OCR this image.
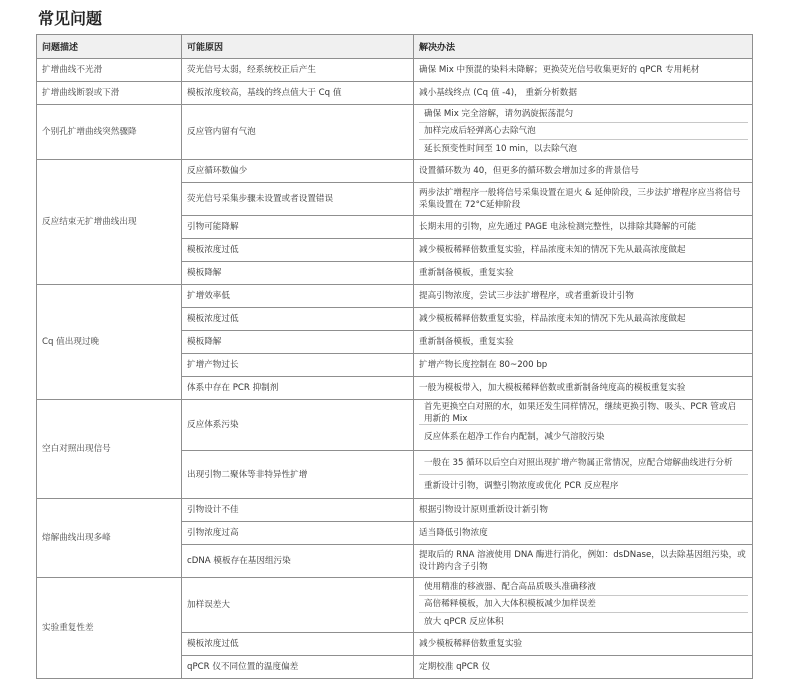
常见问题
问题描述	可能原因	解决办法
扩增曲线不光滑	荧光信号太弱，经系统校正后产生	确保 Mix 中预混的染料未降解；更换荧光信号收集更好的 qPCR 专用耗材
扩增曲线断裂或下滑	模板浓度较高，基线的终点值大于 Cq 值	减小基线终点 (Cq 值 -4)， 重新分析数据
个别孔扩增曲线突然骤降	反应管内留有气泡	确保 Mix 完全溶解，请勿涡旋振荡混匀
加样完成后轻弹离心去除气泡
延长预变性时间至 10 min，以去除气泡

反应结束无扩增曲线出现	反应循环数偏少	设置循环数为 40，但更多的循环数会增加过多的背景信号
	荧光信号采集步骤未设置或者设置错误	两步法扩增程序一般将信号采集设置在退火 & 延伸阶段，三步法扩增程序应当将信号采集设置在 72°C延伸阶段
	引物可能降解	长期未用的引物，应先通过 PAGE 电泳检测完整性，以排除其降解的可能
	模板浓度过低	减少模板稀释倍数重复实验，样品浓度未知的情况下先从最高浓度做起
	模板降解	重新制备模板，重复实验
Cq 值出现过晚	扩增效率低	提高引物浓度，尝试三步法扩增程序，或者重新设计引物
	模板浓度过低	减少模板稀释倍数重复实验，样品浓度未知的情况下先从最高浓度做起
	模板降解	重新制备模板，重复实验
	扩增产物过长	扩增产物长度控制在 80~200 bp
	体系中存在 PCR 抑制剂	一般为模板带入，加大模板稀释倍数或重新制备纯度高的模板重复实验
空白对照出现信号	反应体系污染	首先更换空白对照的水，如果还发生同样情况，继续更换引物、吸头、PCR 管或启用新的 Mix
反应体系在超净工作台内配制，减少气溶胶污染

	出现引物二聚体等非特异性扩增	一般在 35 循环以后空白对照出现扩增产物属正常情况，应配合熔解曲线进行分析
重新设计引物，调整引物浓度或优化 PCR 反应程序

熔解曲线出现多峰	引物设计不佳	根据引物设计原则重新设计新引物
	引物浓度过高	适当降低引物浓度
	cDNA 模板存在基因组污染	提取后的 RNA 溶液使用 DNA 酶进行消化，例如：dsDNase，以去除基因组污染，或设计跨内含子引物
实验重复性差	加样误差大	使用精准的移液器、配合高品质吸头准确移液
高倍稀释模板，加入大体积模板减少加样误差
放大 qPCR 反应体积

	模板浓度过低	减少模板稀释倍数重复实验
	qPCR 仪不同位置的温度偏差	定期校准 qPCR 仪
